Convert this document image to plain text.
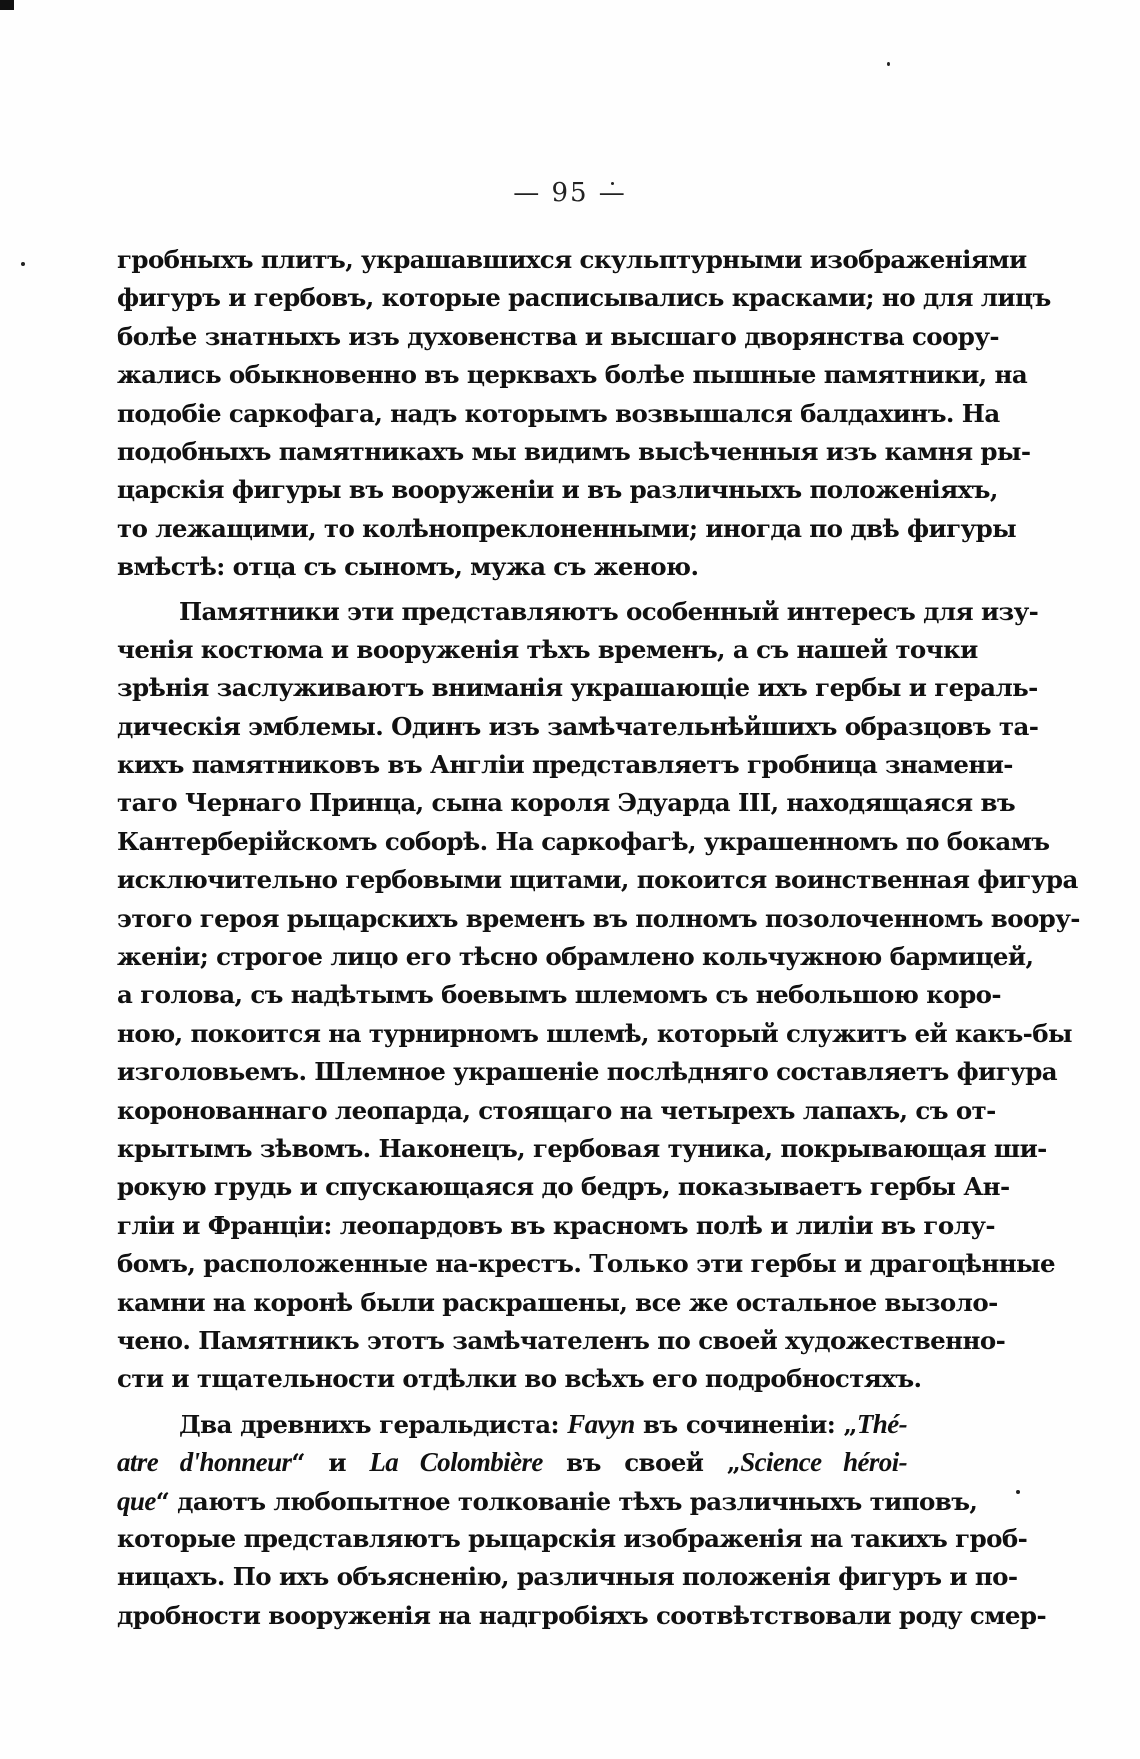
— 95 —
гробныхъ плитъ, украшавшихся скульптурными изображеніями
фигуръ и гербовъ, которые расписывались красками; но для лицъ
болѣе знатныхъ изъ духовенства и высшаго дворянства соору-
жались обыкновенно въ церквахъ болѣе пышные памятники, на
подобіе саркофага, надъ которымъ возвышался балдахинъ. На
подобныхъ памятникахъ мы видимъ высѣченныя изъ камня ры-
царскія фигуры въ вооруженіи и въ различныхъ положеніяхъ,
то лежащими, то колѣнопреклоненными; иногда по двѣ фигуры
вмѣстѣ: отца съ сыномъ, мужа съ женою.
Памятники эти представляютъ особенный интересъ для изу-
ченія костюма и вооруженія тѣхъ временъ, а съ нашей точки
зрѣнія заслуживаютъ вниманія украшающіе ихъ гербы и гераль-
дическія эмблемы. Одинъ изъ замѣчательнѣйшихъ образцовъ та-
кихъ памятниковъ въ Англіи представляетъ гробница знамени-
таго Чернаго Принца, сына короля Эдуарда III, находящаяся въ
Кантерберійскомъ соборѣ. На саркофагѣ, украшенномъ по бокамъ
исключительно гербовыми щитами, покоится воинственная фигура
этого героя рыцарскихъ временъ въ полномъ позолоченномъ воору-
женіи; строгое лицо его тѣсно обрамлено кольчужною бармицей,
а голова, съ надѣтымъ боевымъ шлемомъ съ небольшою коро-
ною, покоится на турнирномъ шлемѣ, который служитъ ей какъ-бы
изголовьемъ. Шлемное украшеніе послѣдняго составляетъ фигура
коронованнаго леопарда, стоящаго на четырехъ лапахъ, съ от-
крытымъ зѣвомъ. Наконецъ, гербовая туника, покрывающая ши-
рокую грудь и спускающаяся до бедръ, показываетъ гербы Ан-
гліи и Франціи: леопардовъ въ красномъ полѣ и лиліи въ голу-
бомъ, расположенные на-крестъ. Только эти гербы и драгоцѣнные
камни на коронѣ были раскрашены, все же остальное вызоло-
чено. Памятникъ этотъ замѣчателенъ по своей художественно-
сти и тщательности отдѣлки во всѣхъ его подробностяхъ.
Два древнихъ геральдиста: Favyn въ сочиненіи: „Thé-
atre d'honneur“ и La Colombière въ своей „Science héroi-
que“ даютъ любопытное толкованіе тѣхъ различныхъ типовъ,
которые представляютъ рыцарскія изображенія на такихъ гроб-
ницахъ. По ихъ объясненію, различныя положенія фигуръ и по-
дробности вооруженія на надгробіяхъ соотвѣтствовали роду смер-
